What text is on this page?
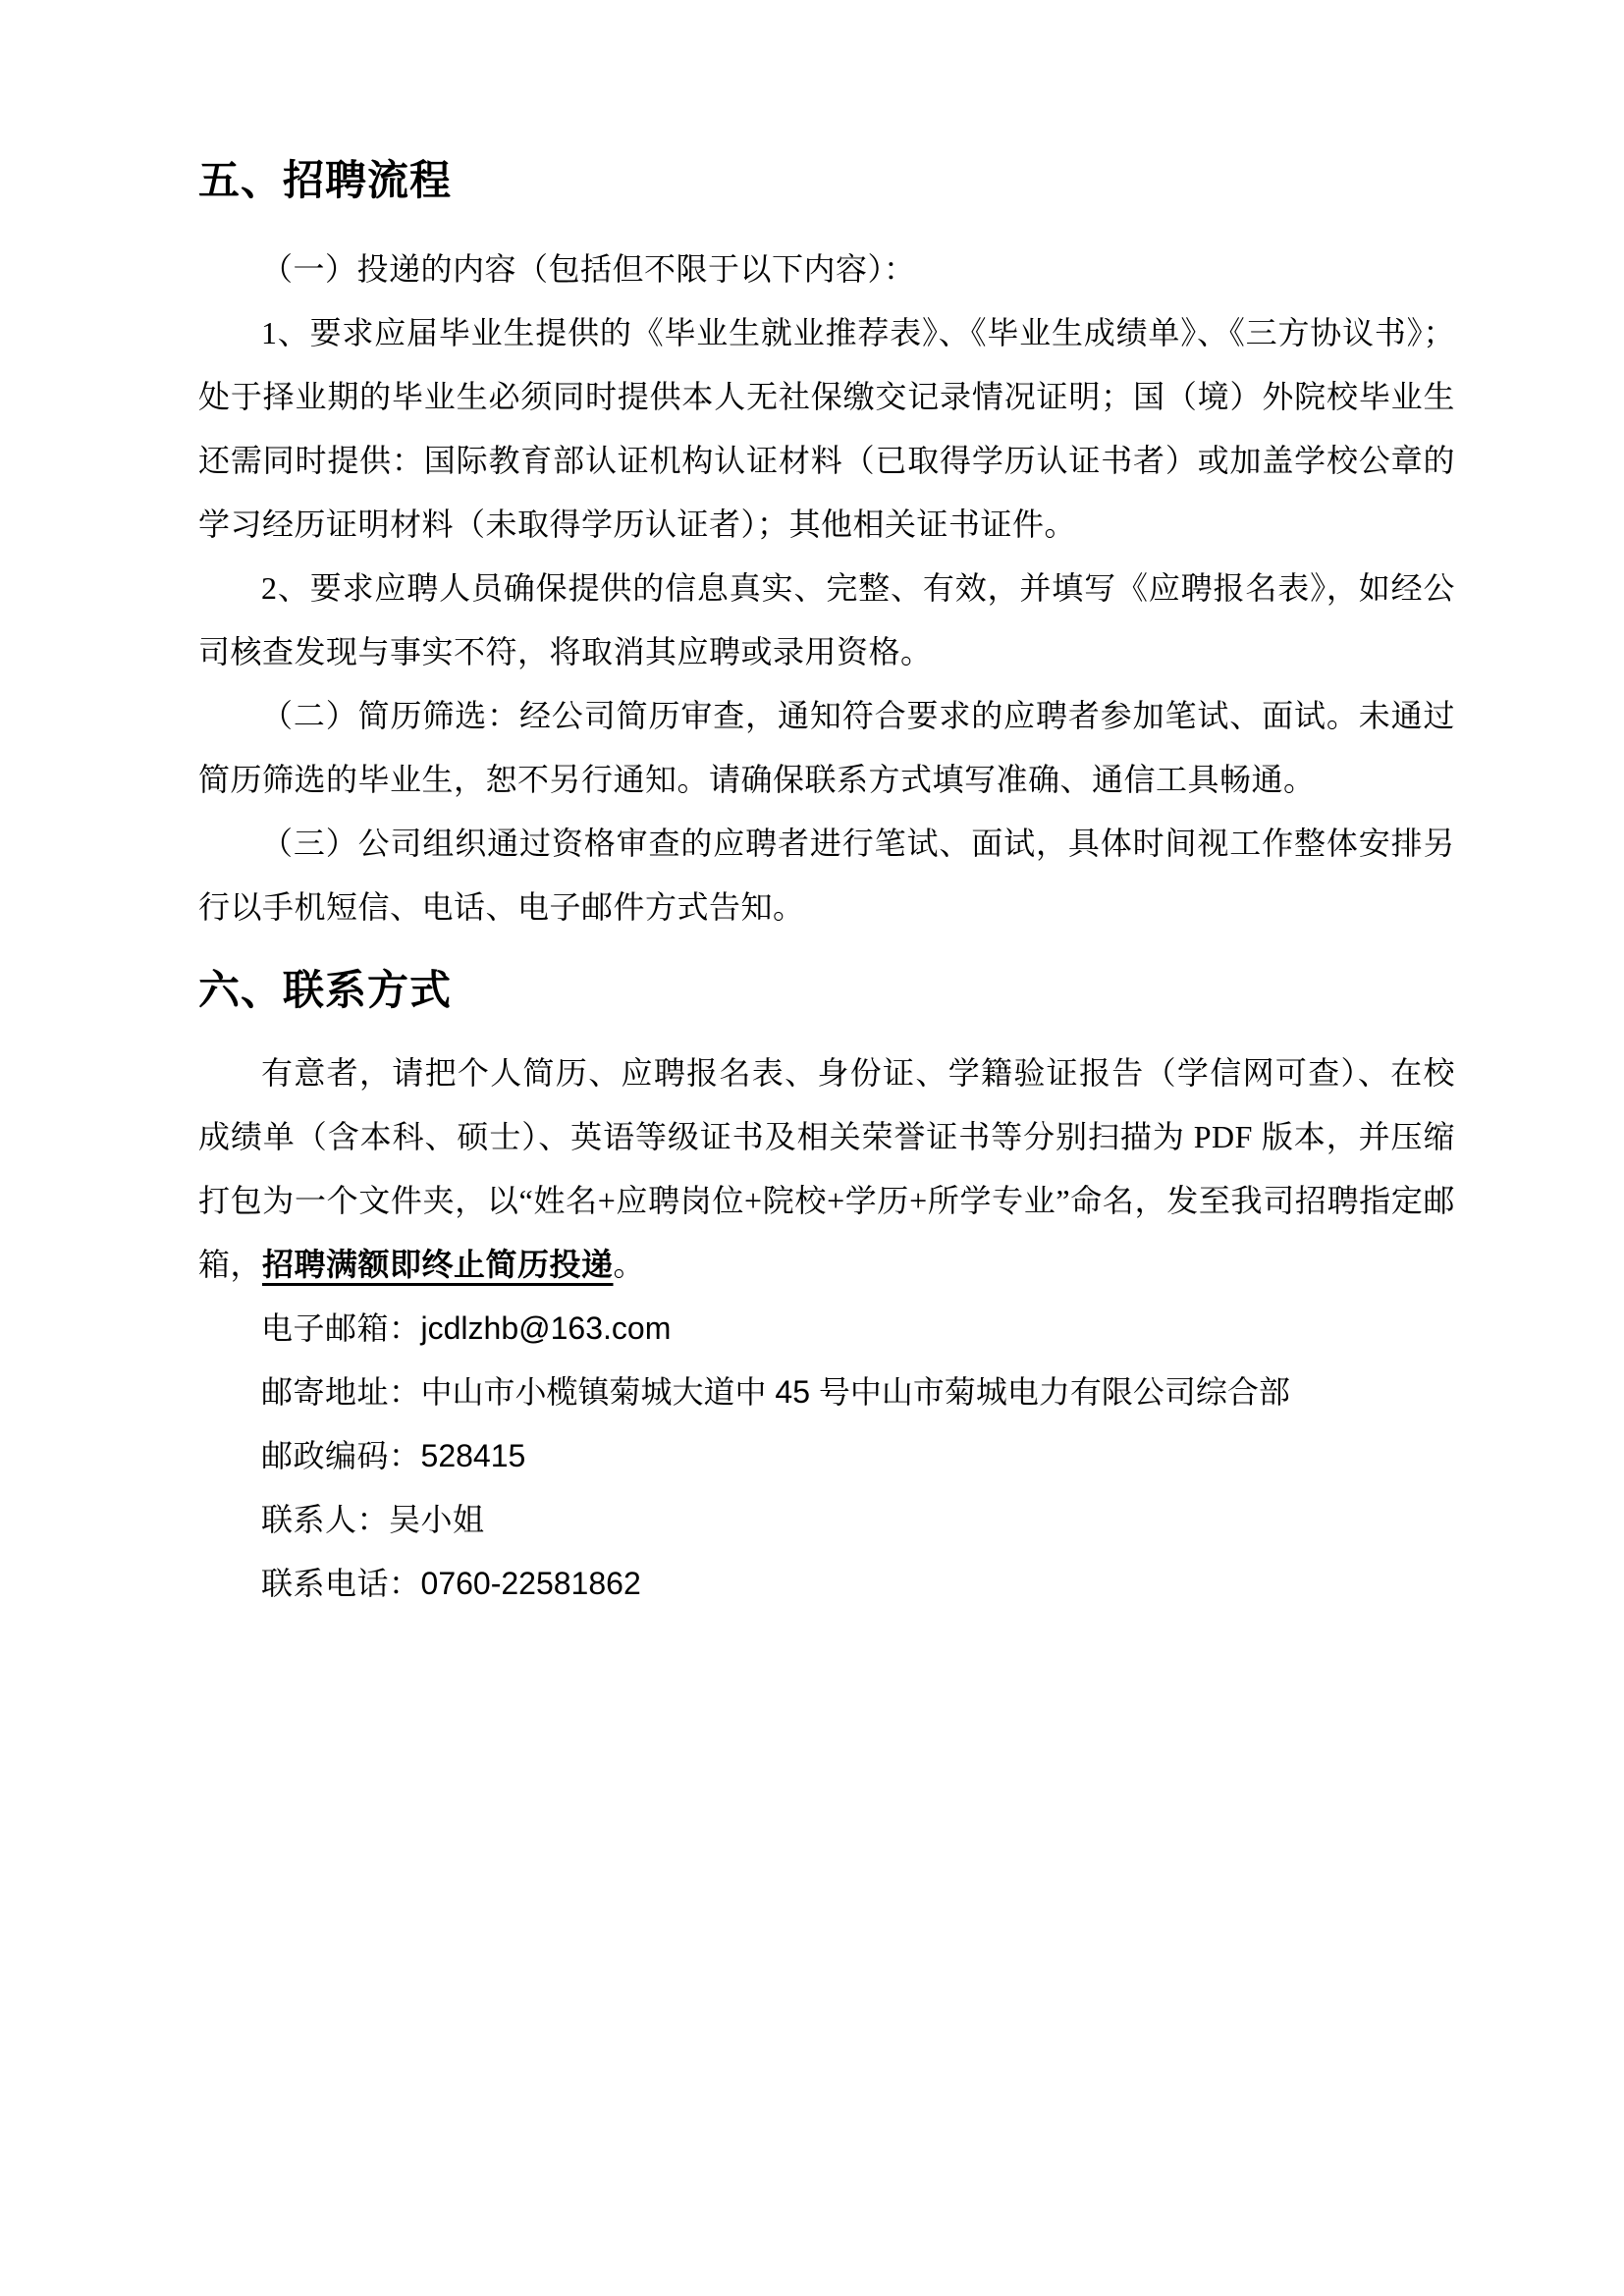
五、招聘流程

（一）投递的内容（包括但不限于以下内容）：

1、要求应届毕业生提供的《毕业生就业推荐表》、《毕业生成绩单》、《三方协议书》；处于择业期的毕业生必须同时提供本人无社保缴交记录情况证明；国（境）外院校毕业生还需同时提供：国际教育部认证机构认证材料（已取得学历认证书者）或加盖学校公章的学习经历证明材料（未取得学历认证者）；其他相关证书证件。

2、要求应聘人员确保提供的信息真实、完整、有效，并填写《应聘报名表》，如经公司核查发现与事实不符，将取消其应聘或录用资格。

（二）简历筛选：经公司简历审查，通知符合要求的应聘者参加笔试、面试。未通过简历筛选的毕业生，恕不另行通知。请确保联系方式填写准确、通信工具畅通。

（三）公司组织通过资格审查的应聘者进行笔试、面试，具体时间视工作整体安排另行以手机短信、电话、电子邮件方式告知。

六、联系方式

有意者，请把个人简历、应聘报名表、身份证、学籍验证报告（学信网可查）、在校成绩单（含本科、硕士）、英语等级证书及相关荣誉证书等分别扫描为 PDF 版本，并压缩打包为一个文件夹，以“姓名+应聘岗位+院校+学历+所学专业”命名，发至我司招聘指定邮箱，招聘满额即终止简历投递。

电子邮箱：jcdlzhb@163.com

邮寄地址：中山市小榄镇菊城大道中 45 号中山市菊城电力有限公司综合部

邮政编码：528415

联系人：吴小姐

联系电话：0760-22581862
